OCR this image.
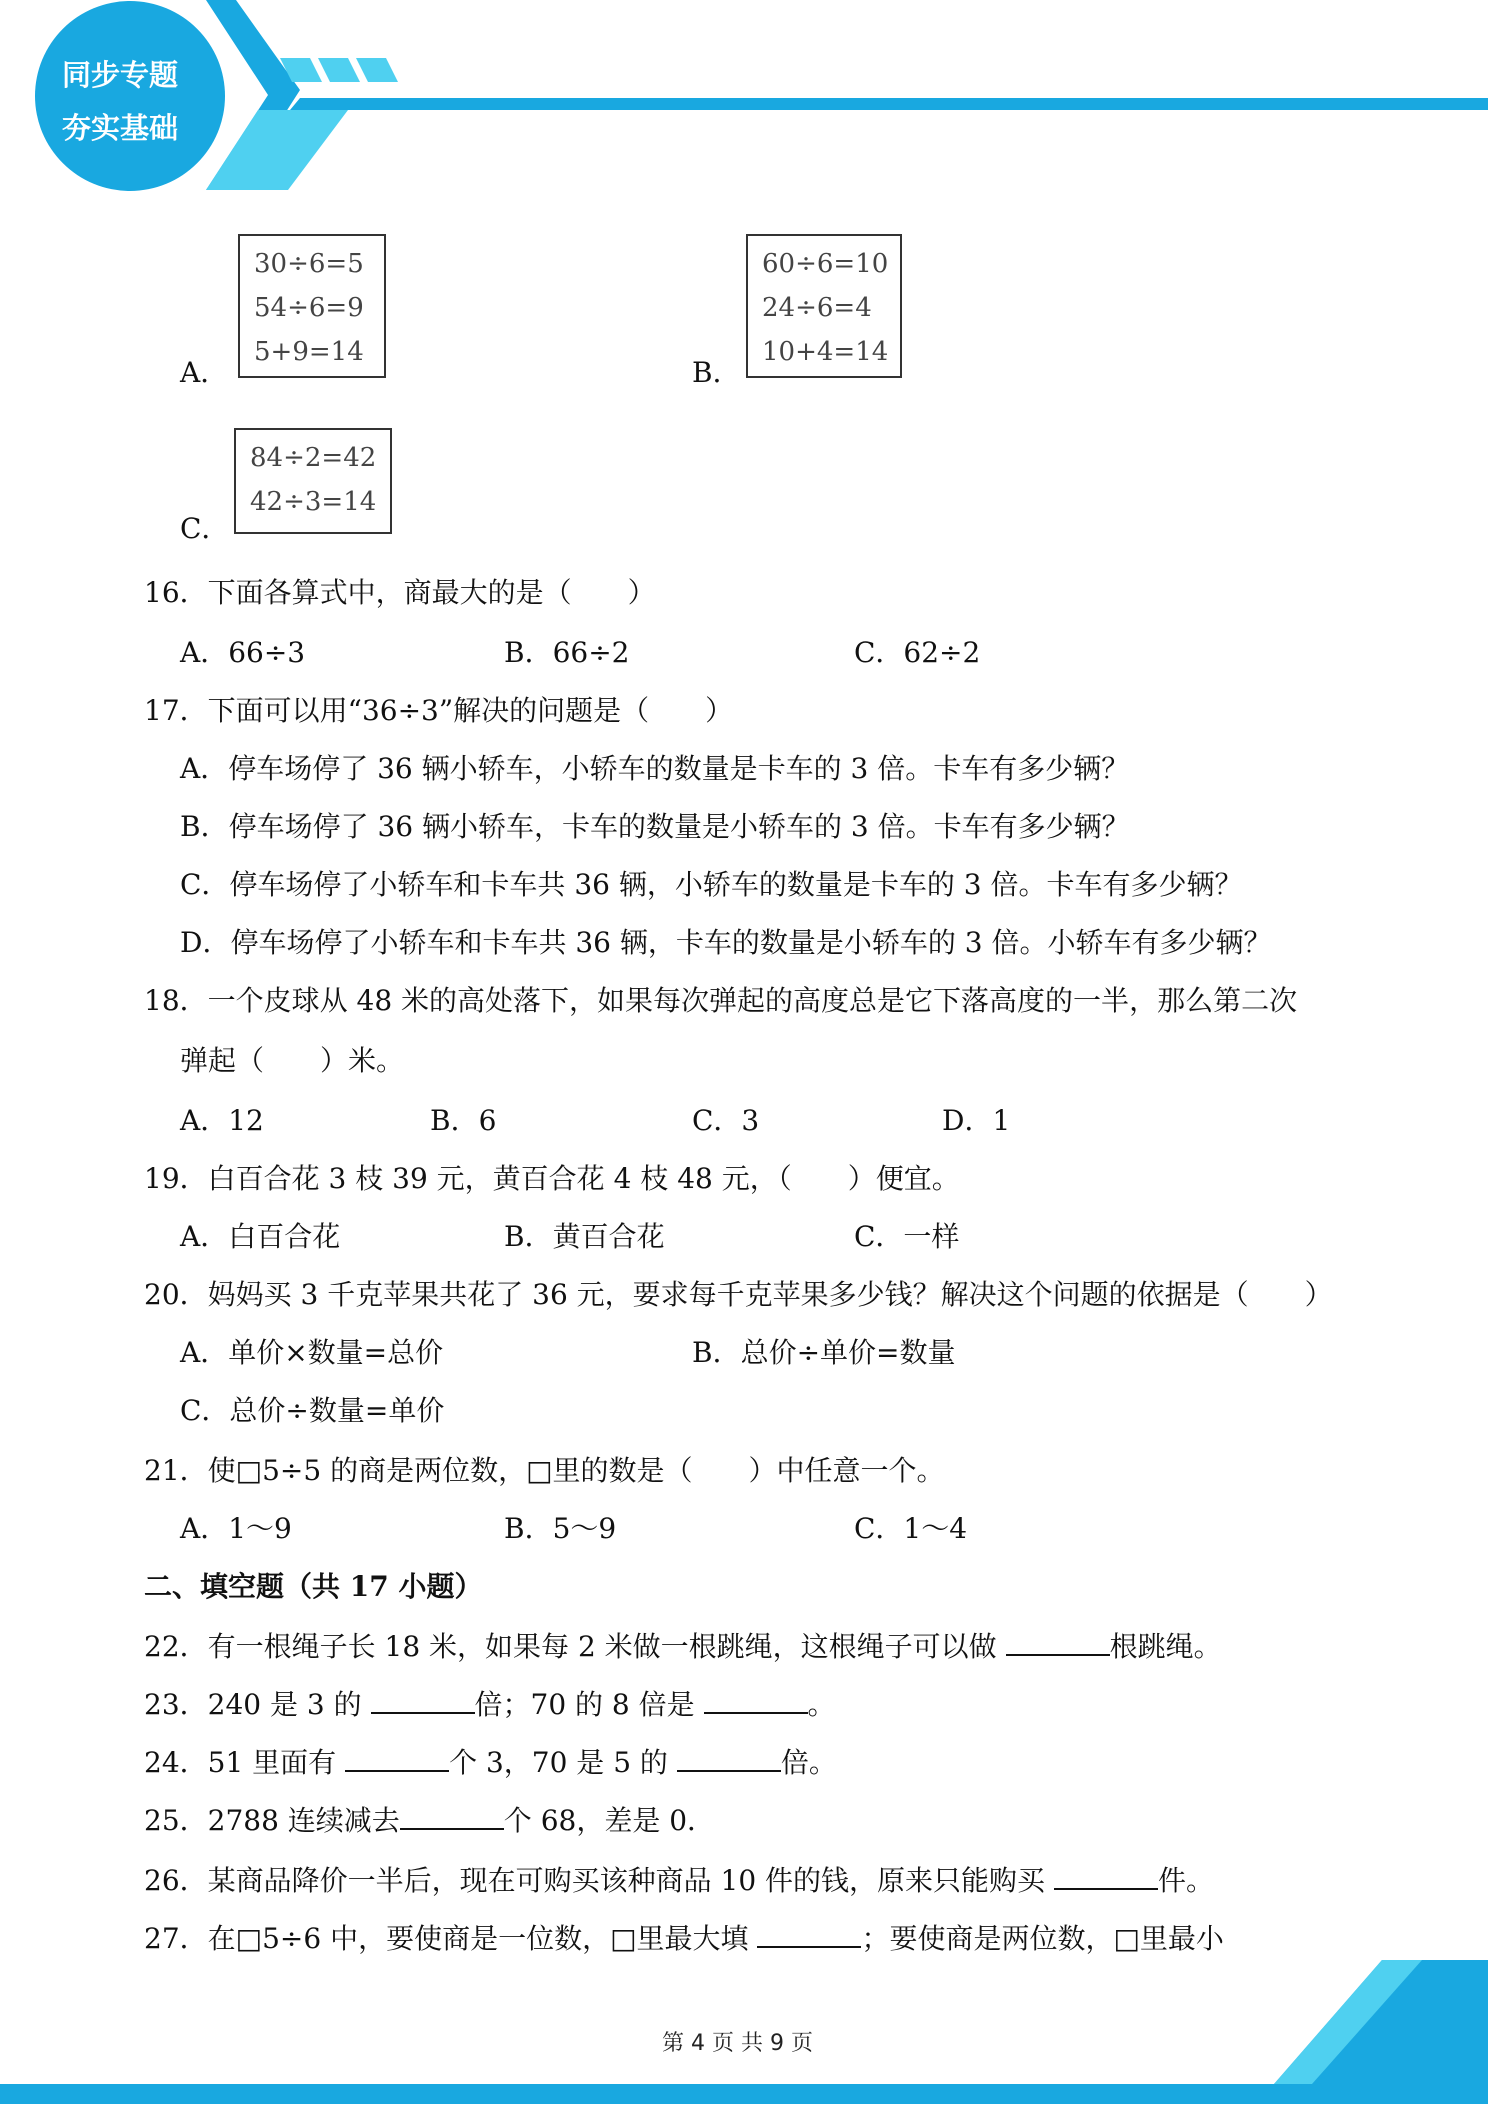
同步专题
夯实基础
A．
30÷6=5
54÷6=9
5+9=14
B．
60÷6=10
24÷6=4
10+4=14
C．
84÷2=42
42÷3=14
16．下面各算式中，商最大的是（　　）
A．66÷3	B．66÷2	C．62÷2
17．下面可以用“36÷3”解决的问题是（　　）
A．停车场停了 36 辆小轿车，小轿车的数量是卡车的 3 倍。卡车有多少辆？
B．停车场停了 36 辆小轿车，卡车的数量是小轿车的 3 倍。卡车有多少辆？
C．停车场停了小轿车和卡车共 36 辆，小轿车的数量是卡车的 3 倍。卡车有多少辆？
D．停车场停了小轿车和卡车共 36 辆，卡车的数量是小轿车的 3 倍。小轿车有多少辆？
18．一个皮球从 48 米的高处落下，如果每次弹起的高度总是它下落高度的一半，那么第二次
弹起（　　）米。
A．12	B．6	C．3	D．1
19．白百合花 3 枝 39 元，黄百合花 4 枝 48 元，（　　）便宜。
A．白百合花	B．黄百合花	C．一样
20．妈妈买 3 千克苹果共花了 36 元，要求每千克苹果多少钱？解决这个问题的依据是（　　）
A．单价×数量=总价	B．总价÷单价=数量
C．总价÷数量=单价
21．使□5÷5 的商是两位数，□里的数是（　　）中任意一个。
A．1～9	B．5～9	C．1～4
二、填空题（共 17 小题）
22．有一根绳子长 18 米，如果每 2 米做一根跳绳，这根绳子可以做	根跳绳。
23．240 是 3 的	倍；70 的 8 倍是	。
24．51 里面有	个 3，70 是 5 的	倍。
25．2788 连续减去	个 68，差是 0．
26．某商品降价一半后，现在可购买该种商品 10 件的钱，原来只能购买	件。
27．在□5÷6 中，要使商是一位数，□里最大填	；要使商是两位数，□里最小
第 4 页 共 9 页
